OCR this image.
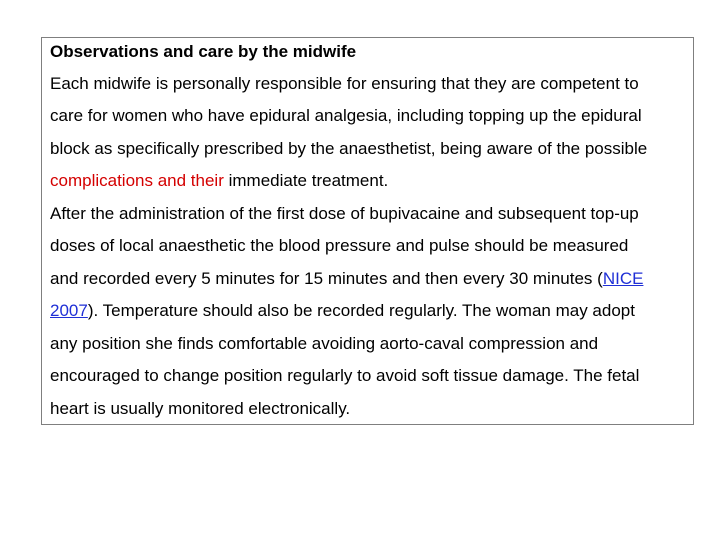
Observations and care by the midwife
Each midwife is personally responsible for ensuring that they are competent to
care for women who have epidural analgesia, including topping up the epidural
block as specifically prescribed by the anaesthetist, being aware of the possible
complications and their immediate treatment.
After the administration of the first dose of bupivacaine and subsequent top-up
doses of local anaesthetic the blood pressure and pulse should be measured
and recorded every 5 minutes for 15 minutes and then every 30 minutes (NICE
2007). Temperature should also be recorded regularly. The woman may adopt
any position she finds comfortable avoiding aorto-caval compression and
encouraged to change position regularly to avoid soft tissue damage. The fetal
heart is usually monitored electronically.
